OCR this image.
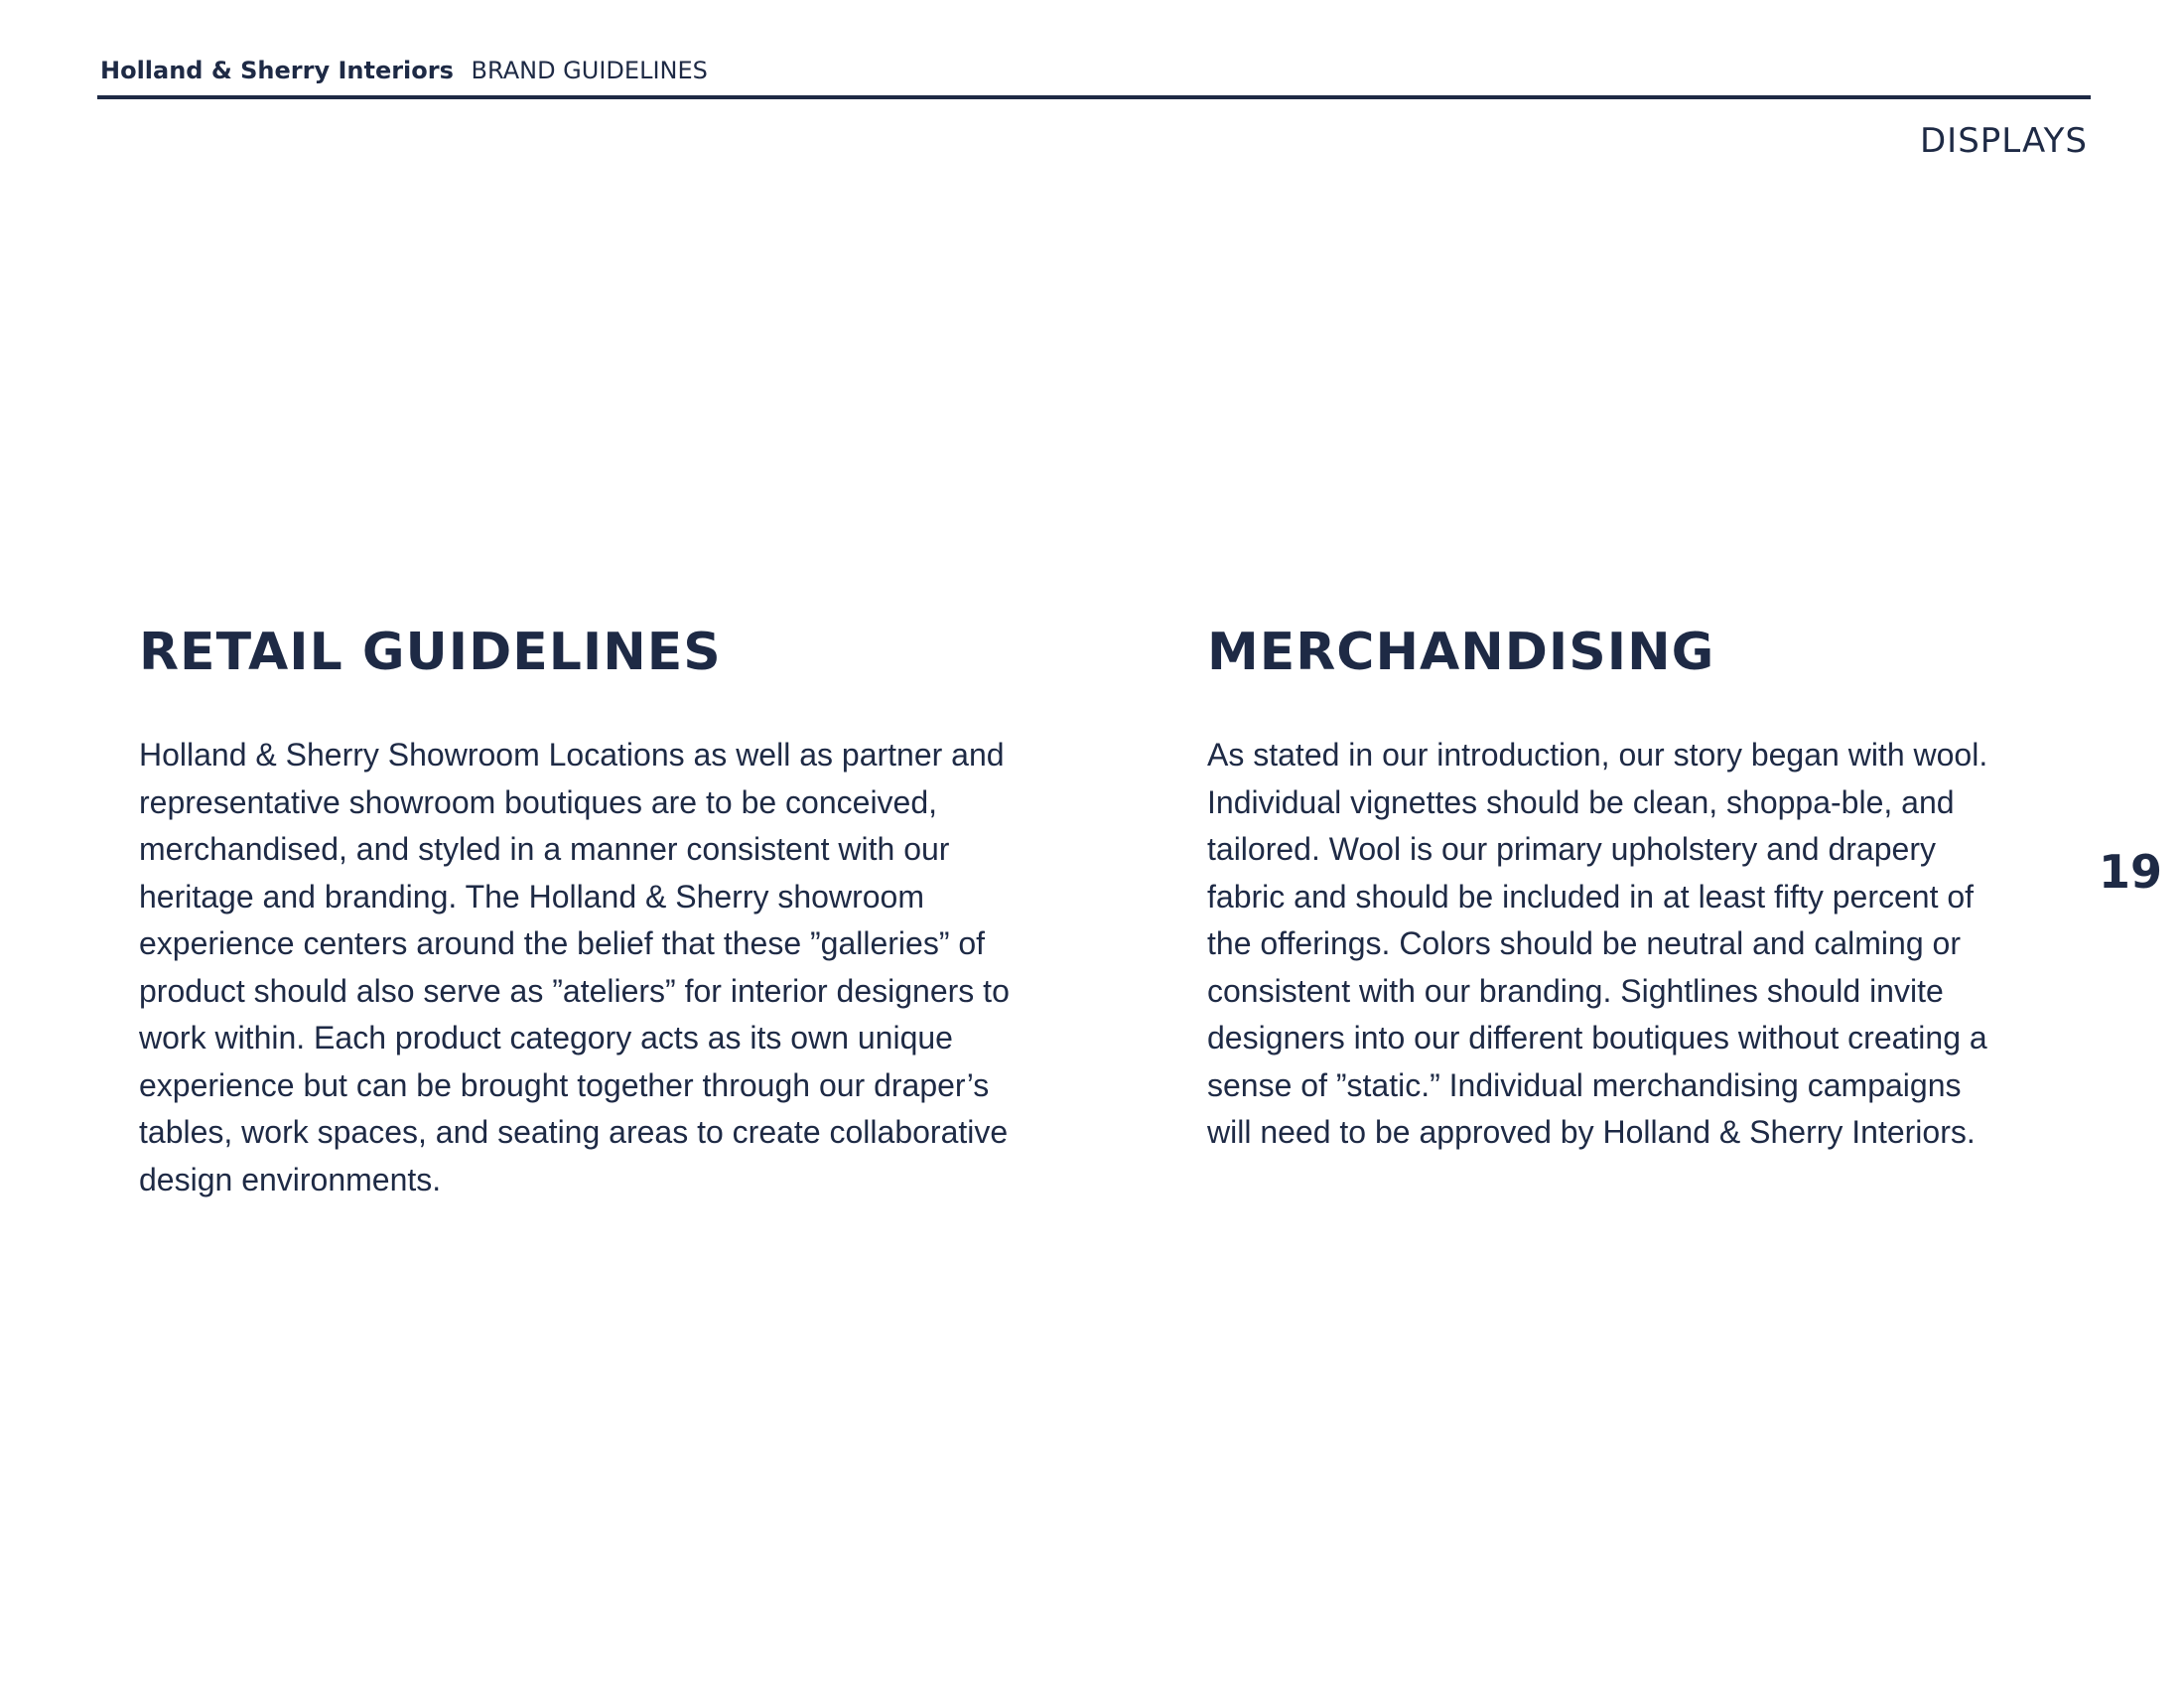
Holland & Sherry Interiors BRAND GUIDELINES
DISPLAYS
RETAIL GUIDELINES

Holland & Sherry Showroom Locations as well as partner and representative showroom boutiques are to be conceived, merchandised, and styled in a manner consistent with our heritage and branding. The Holland & Sherry showroom experience centers around the belief that these ”galleries” of product should also serve as ”ateliers” for interior designers to work within. Each product category acts as its own unique experience but can be brought together through our draper’s tables, work spaces, and seating areas to create collaborative design environments.

MERCHANDISING

As stated in our introduction, our story began with wool. Individual vignettes should be clean, shoppa-ble, and tailored. Wool is our primary upholstery and drapery fabric and should be included in at least fifty percent of the offerings. Colors should be neutral and calming or consistent with our branding. Sightlines should invite designers into our different boutiques without creating a sense of ”static.” Individual merchandising campaigns will need to be approved by Holland & Sherry Interiors.

19
